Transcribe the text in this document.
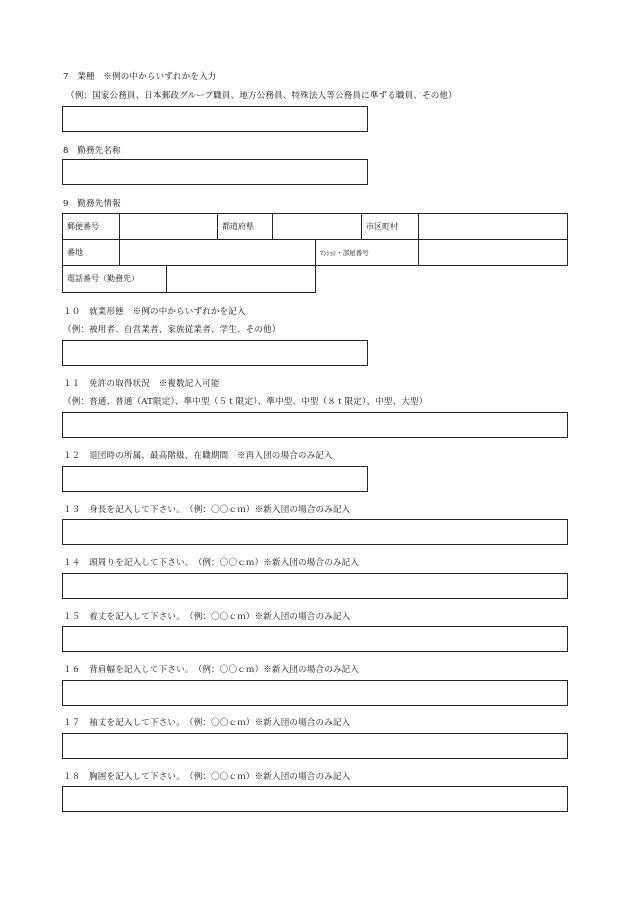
7　業種　※例の中からいずれかを入力
（例：国家公務員、日本郵政グループ職員、地方公務員、特殊法人等公務員に準ずる職員、その他）
8　勤務先名称
9　勤務先情報
郵便番号	都道府県	市区町村
番地	ﾏﾝｼｮﾝ・部屋番号
電話番号（勤務先）
１０　就業形態　※例の中からいずれかを記入
（例：被用者、自営業者、家族従業者、学生、その他）
１１　免許の取得状況　※複数記入可能
（例：普通、普通（AT限定）、準中型（５ｔ限定）、準中型、中型（８ｔ限定）、中型、大型）
１２　退団時の所属、最高階級、在職期間　※再入団の場合のみ記入
１３　身長を記入して下さい。　（例：〇〇ｃｍ）※新入団の場合のみ記入
１４　頭周りを記入して下さい。　（例：〇〇ｃｍ）※新入団の場合のみ記入
１５　着丈を記入して下さい。　（例：〇〇ｃｍ）※新入団の場合のみ記入
１６　背肩幅を記入して下さい。　（例：〇〇ｃｍ）※新入団の場合のみ記入
１７　袖丈を記入して下さい。　（例：〇〇ｃｍ）※新入団の場合のみ記入
１８　胸囲を記入して下さい。　（例：〇〇ｃｍ）※新入団の場合のみ記入
